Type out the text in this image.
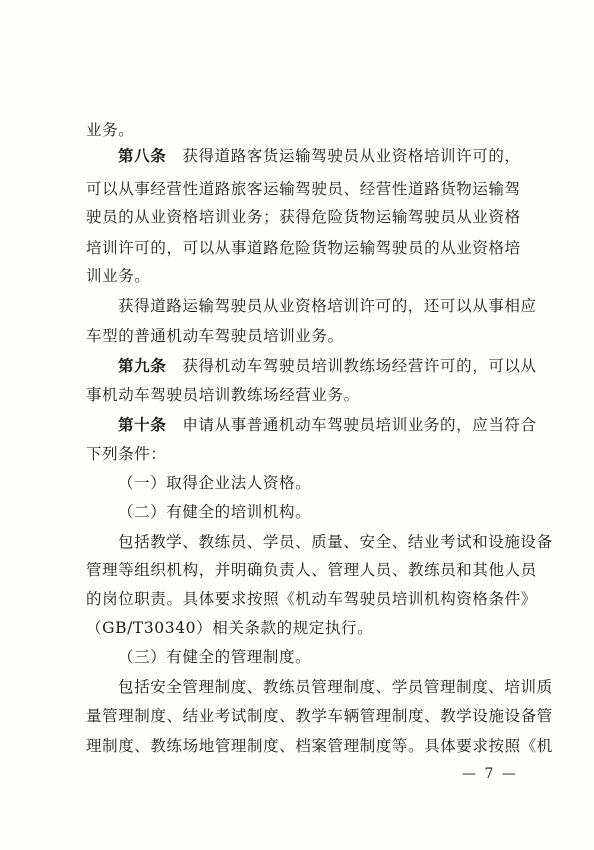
业务。
第八条　获得道路客货运输驾驶员从业资格培训许可的，
可以从事经营性道路旅客运输驾驶员、经营性道路货物运输驾
驶员的从业资格培训业务；获得危险货物运输驾驶员从业资格
培训许可的，可以从事道路危险货物运输驾驶员的从业资格培
训业务。
获得道路运输驾驶员从业资格培训许可的，还可以从事相应
车型的普通机动车驾驶员培训业务。
第九条　获得机动车驾驶员培训教练场经营许可的，可以从
事机动车驾驶员培训教练场经营业务。
第十条　申请从事普通机动车驾驶员培训业务的，应当符合
下列条件：
（一）取得企业法人资格。
（二）有健全的培训机构。
包括教学、教练员、学员、质量、安全、结业考试和设施设备
管理等组织机构，并明确负责人、管理人员、教练员和其他人员
的岗位职责。具体要求按照《机动车驾驶员培训机构资格条件》
（GB/T30340）相关条款的规定执行。
（三）有健全的管理制度。
包括安全管理制度、教练员管理制度、学员管理制度、培训质
量管理制度、结业考试制度、教学车辆管理制度、教学设施设备管
理制度、教练场地管理制度、档案管理制度等。具体要求按照《机
— 7 —
